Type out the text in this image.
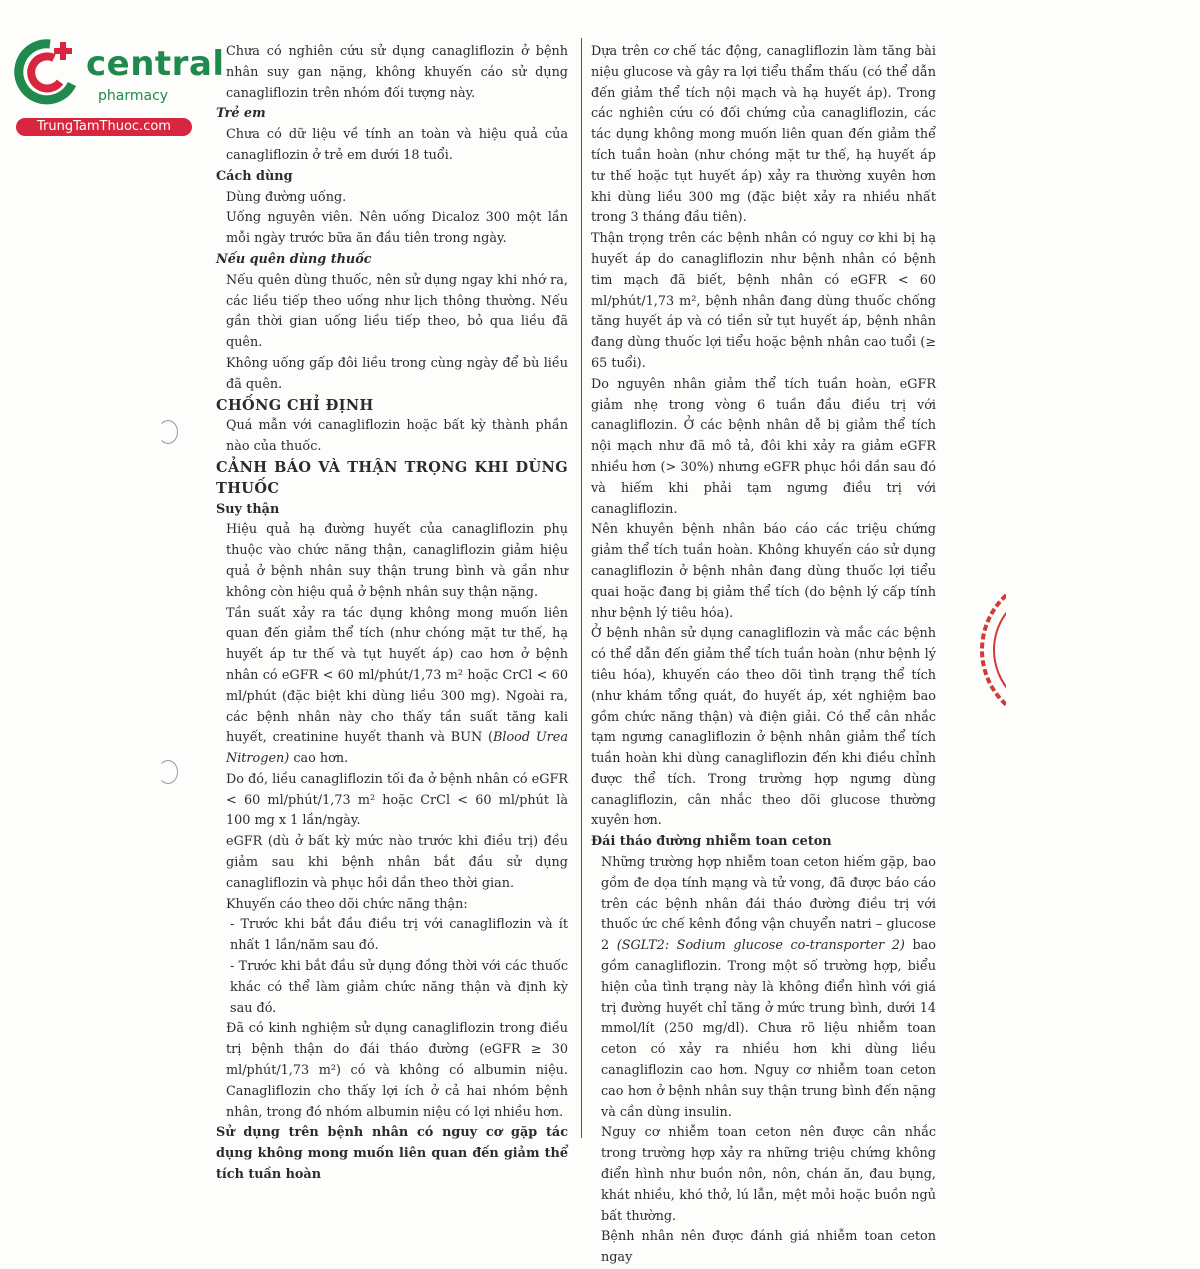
central
pharmacy
TrungTamThuoc.com

Chưa có nghiên cứu sử dụng canagliflozin ở bệnh nhân suy gan nặng, không khuyến cáo sử dụng canagliflozin trên nhóm đối tượng này.

Trẻ em

Chưa có dữ liệu về tính an toàn và hiệu quả của canagliflozin ở trẻ em dưới 18 tuổi.

Cách dùng

Dùng đường uống.

Uống nguyên viên. Nên uống Dicaloz 300 một lần mỗi ngày trước bữa ăn đầu tiên trong ngày.

Nếu quên dùng thuốc

Nếu quên dùng thuốc, nên sử dụng ngay khi nhớ ra, các liều tiếp theo uống như lịch thông thường. Nếu gần thời gian uống liều tiếp theo, bỏ qua liều đã quên.

Không uống gấp đôi liều trong cùng ngày để bù liều đã quên.

CHỐNG CHỈ ĐỊNH

Quá mẫn với canagliflozin hoặc bất kỳ thành phần nào của thuốc.

CẢNH BÁO VÀ THẬN TRỌNG KHI DÙNG THUỐC

Suy thận

Hiệu quả hạ đường huyết của canagliflozin phụ thuộc vào chức năng thận, canagliflozin giảm hiệu quả ở bệnh nhân suy thận trung bình và gần như không còn hiệu quả ở bệnh nhân suy thận nặng.

Tần suất xảy ra tác dụng không mong muốn liên quan đến giảm thể tích (như chóng mặt tư thế, hạ huyết áp tư thế và tụt huyết áp) cao hơn ở bệnh nhân có eGFR < 60 ml/phút/1,73 m² hoặc CrCl < 60 ml/phút (đặc biệt khi dùng liều 300 mg). Ngoài ra, các bệnh nhân này cho thấy tần suất tăng kali huyết, creatinine huyết thanh và BUN (Blood Urea Nitrogen) cao hơn.

Do đó, liều canagliflozin tối đa ở bệnh nhân có eGFR < 60 ml/phút/1,73 m² hoặc CrCl < 60 ml/phút là 100 mg x 1 lần/ngày.

eGFR (dù ở bất kỳ mức nào trước khi điều trị) đều giảm sau khi bệnh nhân bắt đầu sử dụng canagliflozin và phục hồi dần theo thời gian.

Khuyến cáo theo dõi chức năng thận:

- Trước khi bắt đầu điều trị với canagliflozin và ít nhất 1 lần/năm sau đó.

- Trước khi bắt đầu sử dụng đồng thời với các thuốc khác có thể làm giảm chức năng thận và định kỳ sau đó.

Đã có kinh nghiệm sử dụng canagliflozin trong điều trị bệnh thận do đái tháo đường (eGFR ≥ 30 ml/phút/1,73 m²) có và không có albumin niệu. Canagliflozin cho thấy lợi ích ở cả hai nhóm bệnh nhân, trong đó nhóm albumin niệu có lợi nhiều hơn.

Sử dụng trên bệnh nhân có nguy cơ gặp tác dụng không mong muốn liên quan đến giảm thể tích tuần hoàn

Dựa trên cơ chế tác động, canagliflozin làm tăng bài niệu glucose và gây ra lợi tiểu thẩm thấu (có thể dẫn đến giảm thể tích nội mạch và hạ huyết áp). Trong các nghiên cứu có đối chứng của canagliflozin, các tác dụng không mong muốn liên quan đến giảm thể tích tuần hoàn (như chóng mặt tư thế, hạ huyết áp tư thế hoặc tụt huyết áp) xảy ra thường xuyên hơn khi dùng liều 300 mg (đặc biệt xảy ra nhiều nhất trong 3 tháng đầu tiên).

Thận trọng trên các bệnh nhân có nguy cơ khi bị hạ huyết áp do canagliflozin như bệnh nhân có bệnh tim mạch đã biết, bệnh nhân có eGFR < 60 ml/phút/1,73 m², bệnh nhân đang dùng thuốc chống tăng huyết áp và có tiền sử tụt huyết áp, bệnh nhân đang dùng thuốc lợi tiểu hoặc bệnh nhân cao tuổi (≥ 65 tuổi).

Do nguyên nhân giảm thể tích tuần hoàn, eGFR giảm nhẹ trong vòng 6 tuần đầu điều trị với canagliflozin. Ở các bệnh nhân dễ bị giảm thể tích nội mạch như đã mô tả, đôi khi xảy ra giảm eGFR nhiều hơn (> 30%) nhưng eGFR phục hồi dần sau đó và hiếm khi phải tạm ngưng điều trị với canagliflozin.

Nên khuyên bệnh nhân báo cáo các triệu chứng giảm thể tích tuần hoàn. Không khuyến cáo sử dụng canagliflozin ở bệnh nhân đang dùng thuốc lợi tiểu quai hoặc đang bị giảm thể tích (do bệnh lý cấp tính như bệnh lý tiêu hóa).

Ở bệnh nhân sử dụng canagliflozin và mắc các bệnh có thể dẫn đến giảm thể tích tuần hoàn (như bệnh lý tiêu hóa), khuyến cáo theo dõi tình trạng thể tích (như khám tổng quát, đo huyết áp, xét nghiệm bao gồm chức năng thận) và điện giải. Có thể cân nhắc tạm ngưng canagliflozin ở bệnh nhân giảm thể tích tuần hoàn khi dùng canagliflozin đến khi điều chỉnh được thể tích. Trong trường hợp ngưng dùng canagliflozin, cân nhắc theo dõi glucose thường xuyên hơn.

Đái tháo đường nhiễm toan ceton

Những trường hợp nhiễm toan ceton hiếm gặp, bao gồm đe dọa tính mạng và tử vong, đã được báo cáo trên các bệnh nhân đái tháo đường điều trị với thuốc ức chế kênh đồng vận chuyển natri – glucose 2 (SGLT2: Sodium glucose co-transporter 2) bao gồm canagliflozin. Trong một số trường hợp, biểu hiện của tình trạng này là không điển hình với giá trị đường huyết chỉ tăng ở mức trung bình, dưới 14 mmol/lít (250 mg/dl). Chưa rõ liệu nhiễm toan ceton có xảy ra nhiều hơn khi dùng liều canagliflozin cao hơn. Nguy cơ nhiễm toan ceton cao hơn ở bệnh nhân suy thận trung bình đến nặng và cần dùng insulin.

Nguy cơ nhiễm toan ceton nên được cân nhắc trong trường hợp xảy ra những triệu chứng không điển hình như buồn nôn, nôn, chán ăn, đau bụng, khát nhiều, khó thở, lú lẫn, mệt mỏi hoặc buồn ngủ bất thường.

Bệnh nhân nên được đánh giá nhiễm toan ceton ngay
